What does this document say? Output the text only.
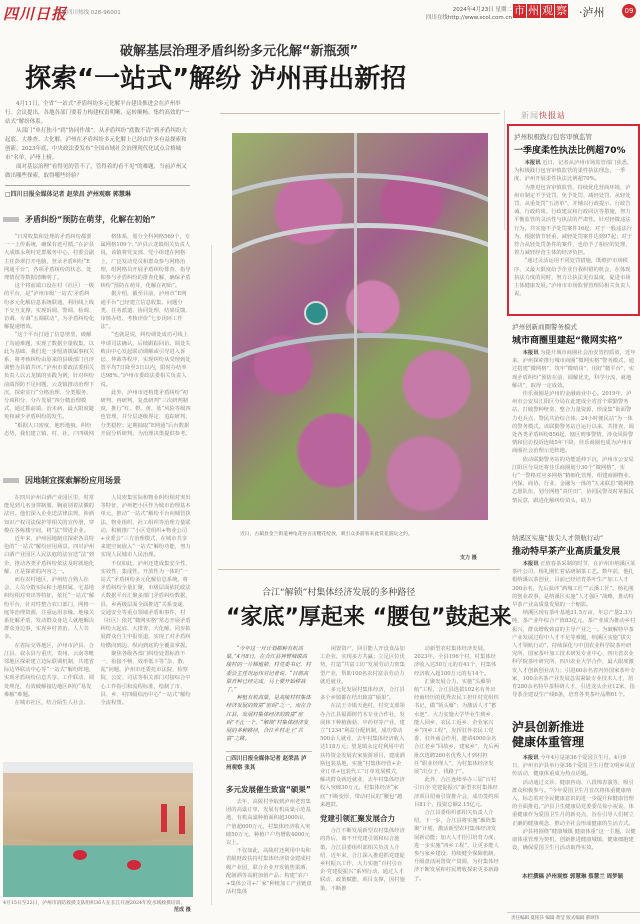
四川日报
问政四川热线 028-96001	2024年4月23日 星期二
四川在线http://www.scol.com.cn
市 州 观 察 ·泸州	09
破解基层治理矛盾纠纷多元化解“新瓶颈”
探索“一站式”解纷 泸州再出新招

4月11日，全省“一站式”矛盾纠纷多元化解平台建设推进会在泸州举行。会议提出，各地各部门要着力构建权责明晰、运转顺畅、集约高效的“一站式”解纷体系。

从部门“单打独斗”到“协同作战”，从矛盾纠纷“底数不清”到矛盾纠纷大起底、大排查、大化解，泸州在矛盾纠纷多元化解上已经由许多有益探索和创新。2023年底，中央政法委发布“全国市域社会治理现代化试点合格城市”名单，泸州上榜。

面对基层治理“看得见的管不了，管得着的看不见”的难题，当前泸州又做出哪些探索，取得哪些经验？

□四川日报全媒体记者 赵荣昌 泸州观察 郭慧琳
矛盾纠纷“预防在萌芽，化解在初始”

“日常收集和处理的矛盾纠纷都要一一上传系统，确保有迹可循。”在泸县大成镇永利村党群服务中心，村委会副主任彭翠打开电脑，登录矛盾纠纷“E网通平台”，各项矛盾纠纷的状态、处理情况等数据清晰明了。

这个将前端口设在村（社区）一级的平台，是“泸州市级‘一站式’矛盾纠纷多元化解信息系统联通，利用线上线下交互支撑，实现诉调、警调、检调、访调、专调“五调联动”，为矛盾纠纷化解提速增效。

“这个平台打通了信息壁垒，破解了沟通难题，实现了数据全量收集，以此为基础，我们进一步厘清镇属事权关系，将考核纠纷由原来的县级部门自评调整为县镇共评。”泸州市委政法委相关负责人以云龙镇的实践为例，针对纠纷前端预防不足问题，云龙镇推动治理下沉，探索实行“分格治理、分类服务、分项积分、分片发展”四分微治理模式，通过抓前端、治未病，最大限度避免和减少矛盾纠纷的发生。

“根据人口密度、地形地貌、纠纷态势，我们建立镇、村、社、户四级网

格体系，划分全科网格569个，专属网格109个。”泸县云龙镇相关负责人说，该镇将党支部、党小组建在网格上，广泛发动党员和群众参与网格治理，组网格员开展矛盾纠纷排查、指导和参与矛盾纠纷的排查化解，确保矛盾纠纷“预防在萌芽，化解在初始”。

据介绍，截至目前，泸州市“E网通平台”已经建立信息收集、问题分类、任务派遣、协同处理、结果反馈、审核办结、考核评价“七步闭环工作法”。

“也就是说，纠纷调处成功可线上申请司法确认，后续跟踪回访。调处失败由中心发起联动调解或引导进入诉讼、仲裁等程序，实现纠纷从受理到处置平均7日降至3日以内，限时办结率达98%。”泸州市委政法委相关负责人说。

此外，泸州市还构建矛盾纠纷“初研判、再研判、复盘研判”三次研判制度，推行“红、橙、黄、蓝”风险等级四色管理，并分层逐级界定、追踪研判，分类稳控；定期抽取“E网通”后台数据开展分析研判，为治理决策提供参考。

因地制宜探索解纷应用场景

在四川泸州白酒产业园区里，时常能见到几名身穿制服、胸前别着法徽的法官。他们深入企业送法律法规，涉酒知识产权司法保护等相关的宣传册，穿梭在各栋楼宇间，将“法”带进企业。

近年来，泸州因地制宜探索各具特色的“一站式”解纷应用场景。四川泸州白酒产业园区人民法庭的法官送“法”到企，推动各类矛盾纠纷依法及时就地化解，正是探索的内容之一。

而在农村地区，泸州结合熟人社会、人员分散实际和土地权属、宅基地纠纷相对突出等特征，依托“一站式”解纷平台，针对性整合农口部门、网格一庭等治理资源，注重运用亲缘、地缘关系化解矛盾，发动群众身边人就地解决群众身边事，实现乡村善治、人人共享。

在省际交界地区，泸州市泸县、合江县、叙永县与重庆、贵州、云南等毗邻地区探索建立边际联调机制，共建省际边界联动中心等“一站式”解纷阵地，实现矛盾纠纷信息共享、工作联动、调处规范，有效破解接边地区纠纷“易发难解”难题。

在城市社区，结合陌生人社会、

人员密集实际和物业纠纷相对突出等特征，泸州把小区作为城市治理基本单元，推动“一站式”解纷平台向城管执法、物业组织、社工组织等治理力量联动，积极推广“小区党组织+物业公司+业委会”三方治理模式，在城市共享来建空间嵌入“一站式”解纷功能，努力实现人民城市人民治理。

不仅如此，泸州还建成集安全性、实效性、集成性、开放性为一体的“一站式”矛盾纠纷多元化解信息系统，将矛盾纠纷全量汇聚，市级层面依托政法大数据平台汇聚多部门矛盾纠纷数据，县、乡两级层面全面推进“关系变递、交通安全等重点领域矛盾和事件，村（社区）依托“微网实格”常态开展矛盾纠纷大起底、大排查、大化解，同步拓展群众自主申报渠道，实现了对矛盾纠纷横向到边、纵向到底的全覆盖掌握。

聚焦各级各部门纠纷处置标准不一、衔接不畅、效率低下等“杂、散、乱”问题，泸州市还委托市法院、检察院、公安、司法等相关部门对接综合中心工作指引和流程标准，绘制了市、县、乡、村四级综治中心“一站式”解纷全流程图。

近日，古蔺县金兰街道神龟花谷百亩樱花绽放，吸引众多游客来此赏花游玩之约。
支力 摄
合江“解锁”村集体经济发展的多种路径
“家底”厚起来 “腰包”鼓起来

“今年这一月计划都种有机高粱。”4月8日，在合江县神臂城镇高陵村的一片梯地前，村党委书记、村委会主任况运伟对记者说，“目前高粱育种已经完成，马上要开始移栽了。”

种植有机高粱，是高陵村村集体经济发展的致富“密码”之一。而在合江县，发展村集体经济的致富“密码”不止一个，“解锁”村集体经济发展的多种路径，合江乡村走上“共富”之路。

□四川日报全媒体记者 赵荣昌 泸州观察 张其
多元发展催生致富“硕果”

去年，高陵村争取到泸州老窖集团的高粱订单，发展有机高粱示范基地，有机高粱种植面积超3000亩，产值超600万元，村集体经济收入突破50万元，种植户户均增收4000元以上。

不仅如此，高陵村还利用中央和省级财政扶持村集体经济资金建成村级产业园，联合企业开发销售果酒、配制酒等高附加值产品；构建“农户+集体公司+厂家”种植加工产业链盘活村集体

闲置资产，回引能人开设食品加工企业，实现多方共赢；立足区位优势，打造“共富工坊”发展劳动力密集型产业，帮助100名农村富余劳动力就近就业。

多元化发展村集体经济，合江县多个乡镇都在结出致富“硕果”。

在法王寺镇天池村，村党支部领办合江县福源树竹木专业合作社，发展林下种植菌菇、中药材等产业，建立“1234”利益分配机制，成功带动500余人就业，去年村集体经济收入达118万元；望龙镇永定村利用中省扶持资金发展农家旅游项目，建成酒瓶包装基地，实施“村集体经营+企业订单+包装代工”订单发展模式，解决群众就近就业，去年村集体经济收入突破30万元，村集体经济“家底”不断变厚，带动村民的“腰包”越来越鼓。

党建引领汇聚发展合力

合江不断发展新型农村集体经济的背后，离不开党建引领和综合施策。合江县委组织部相关负责人介绍，近年来，合江深入推进抓党建促乡村振兴工作，大力实施“百村引百企·党建促振兴”系列行动，通过人才联动、政策赋能、项目支撑，因村施策，不断推

动新型农村集体经济发展。2023年，全县196个村，村集体经济收入达50万元的有41个，村集体经济收入超100万元的有14个。

汇聚发展合力，实施“头雁领航”工程，合江县选拔102名有外出经商经历的优秀农民工担任村党组织书记，做“领头雁”；为激活人才“蓄水池”，大力实施大学毕业生到乡、能人回乡、农民工返乡、企业家兴乡“四乡工程”，发挥驻外农民工党委、驻外商会作用，邀请4900余名合江老乡“回故乡，建家乡”，先后两批次选聘260名优秀人才到村担任“职业经理人”，为村集体经济发展“出点子、找路子”。

此外，合江连续举办三届“百村引百企·党建促振兴”新型农村集体经济项目招商引资推介会，成功签约项目81个，投资总额2.15亿元。

合江县委组织部相关负责人介绍，下一步，合江县将实施“雁阵集聚”计划，激活新型农村集体经济发展新动能；加大人才招引培育力度，进一步实施“四乡工程”，让更多能人参与家乡建设；持续健全保障机制，升级盘活闲置资产资源，为村集体经济不断发展和村民增收探索更多新路子。

4月15日至22日，泸州市消防救援支队组织36人在长江开展2024年度水域救援培训。
范成 摄
新闻快报站
泸州积极践行包容审慎监管
一季度柔性执法比例超70%

本报讯 近日，记者从泸州市场监管部门获悉，为积极践行包容审慎监管的柔性执法理念，一季度，泸州开展柔性执法比例超70%。

为推进包容审慎监管，持续优化营商环境，泸州市制定不予处罚、免予处罚、减轻处罚、从轻处罚、从重处罚“五清单”，并辅以行政提示、行政告诫、行政约谈、行政建议和行政回访等措施，努力平衡监管的灵活性与执法的严肃性。针对轻微违法行为，共实施不予处罚案件16起；对于一般违法行为，根据情节轻重，减轻处罚案件达到97起；对于符合从轻处罚条件的案件，也给予了相应的处理，着力减轻经营主体的经济负担。

“通过灵活运用不同处罚措施，既维护市场秩序，又最大限度给予企业自我纠错的机会，在体现执法力度的同时，努力让执法更有温度，促进市场主体健康发展。”泸州市市场监督管理局相关负责人说。

泸州创新商圈警务模式
城市商圈里建起“微网实格”

本报讯 为提升城市商圈社会治安管控质效，近年来，泸州探索推行城市商圈“微网实格”警务模式，通过搭建“微网格”、筑牢“微哨岗”、用好“微平台”，实现矛盾纠纷“预防在前，调解优先，科学分流，就地解决”，取得一定成效。

佳乐商圈是泸州的金融商业中心。2019年，泸州市公安局江阳区分局在此建成全省首个联勤警务站，打破警种壁垒，整合力量资源，形成集“街面警力屯兵点、警民共治综合体、24小时便民站”为一体的警务模式。该联勤警务站自运行以来，共排查、调处各类矛盾纠纷856起，辖区刑事警情、涉众风险警情和信访投诉连续5年下降，佳乐商圈也成为泸州市商圈社会治理示范阵地。

依动联勤警务站的功能延伸下沉，泸州市公安局江阳区分局还将佳乐商圈划分30个“微网格”，实行“一警格对应多网格”精细化管理，组建商圈物业、内保、商协、行业、金融为一体的“五来联思”微网格志愿队伍，划分网格“责任田”，协同民警及时掌握民情民意，跟进化解纠纷苗头，助力

纳溪区实施“拔尖人才领航行动”
推动特早茶产业高质量发展

本报讯 正值春茶采制的时节，在泸州市纳溪区某茶叶公司，杨礼刚忙着钻研制茶工艺。数年前，他扎根纳溪以茶创业，目前已经培育茶叶生产加工人才300余名，先后获评“酒城工匠”“云溪工匠”。杨礼刚的创业故事，是纳溪区实施“人才强区”战略，推动特早茶产业高质量发展的一个缩影。

纳溪区现有茶叶基地31.5万亩，年总产量2.3万吨，茶产业年综合产值83亿元，茶产业成为推动乡村振兴、群众增收致富的主导产业之一。为破解特早茶产业发展过程中人才不足等难题，纳溪区实施“拔尖人才领航行动”，持续深化与中国农业科学院茶叶研究所、国家茶叶加工技术研发专业中心、四川省农业科学院茶叶研究所、四川农业大学合作，最大限度激发人才创新创业活力；引进60余名省内外国家茶叶专家，100余名茶产业发展急需紧缺专业技术人才，培育280余名特早茶科研人才，引进龙头企业12家，指导茶企建设生产线6条，培育各类茶叶品牌61个。

泸县创新推进
健康体重管理

本报讯 今年4月是第36个爱国卫生月。4月9日，泸州市泸县举行第36个爱国卫生月暨文明乡风宣传活动，健康体重成为热点话题。

活动通过义诊、健康咨询、八段锦表演等，吸引群众积极参与。“今年爱国卫生月首次将体重健康纳入，标志着对全民健康意识的进一步提升和健康管理的全面推进。”泸县卫生健康局党委委员徐小祝说，体重健康作为爱国卫生月的新亮点，旨在引导人们树立正确的健康观念，推动全社会形成健康的生活方式。

泸县将围绕“健康城镇 健康体重”这一主题，以健康体重管理为契机，创新推进健康城镇、健康细胞建设，确保爱国卫生月活动取得实效。

本栏撰稿 泸州观察 郭慧琳 蔡慧兰 周梦颖
责任编辑 夏铭莎 编辑 黄莹 版式编辑 蔡颂伟
